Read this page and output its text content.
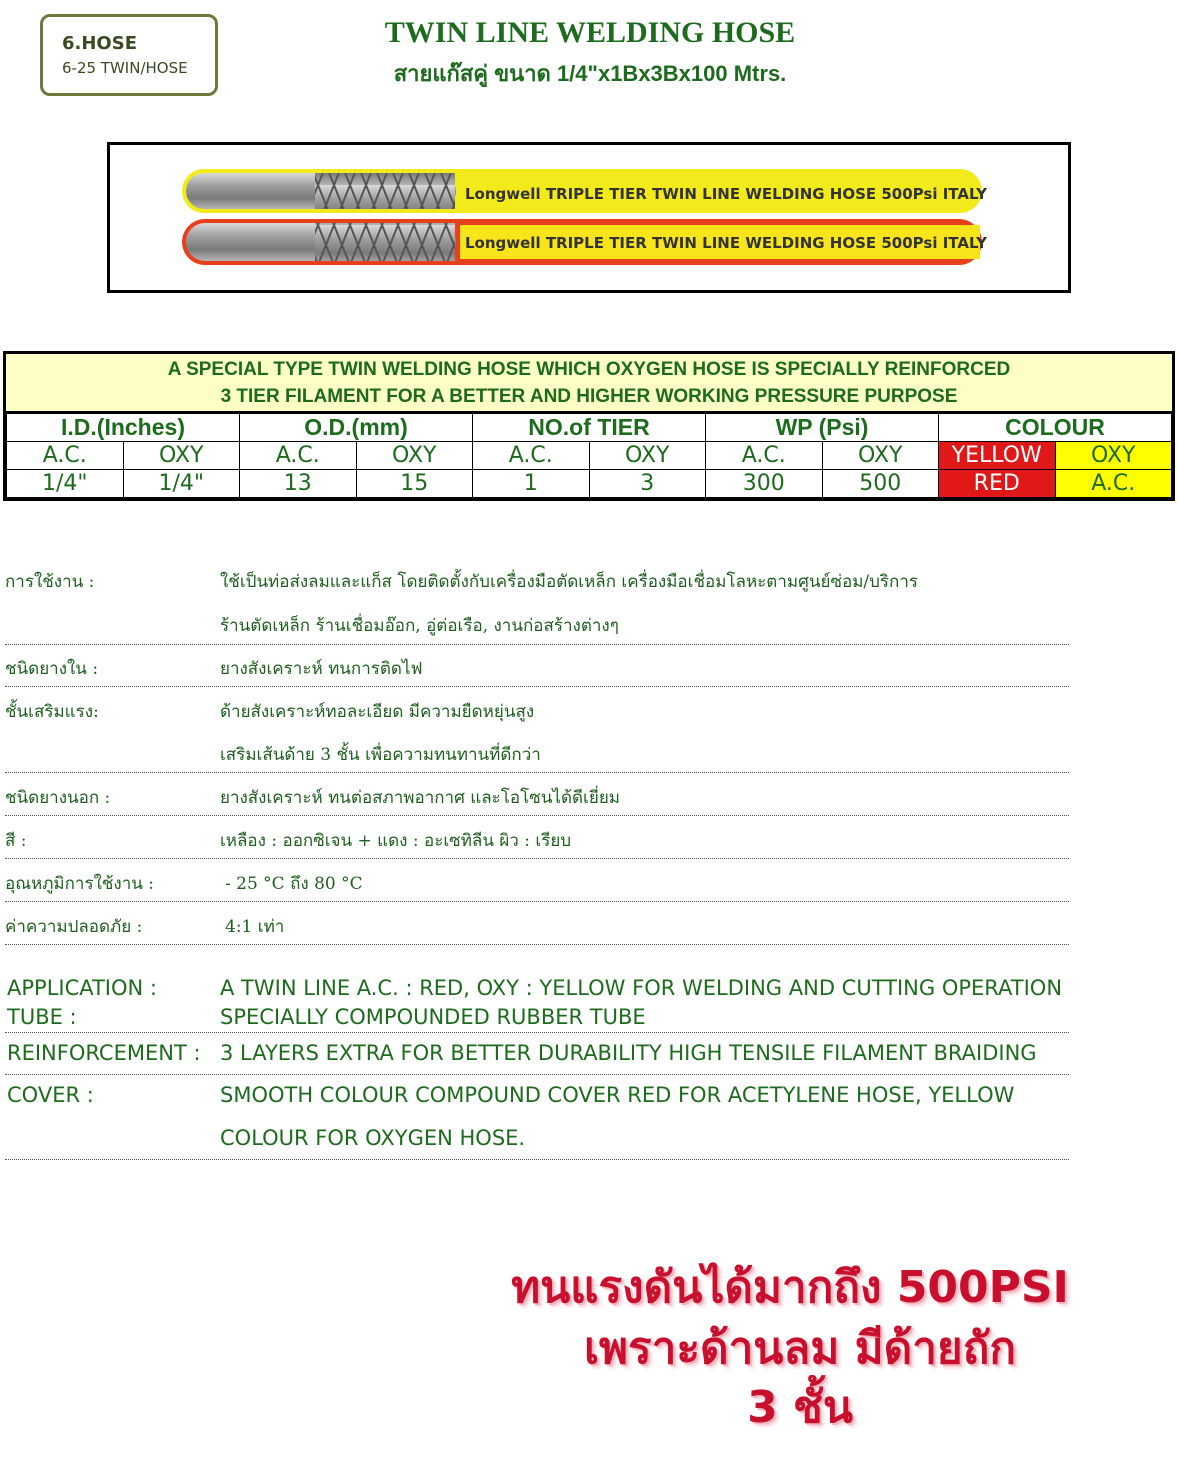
6.HOSE
6-25 TWIN/HOSE
TWIN LINE WELDING HOSE
สายแก๊สคู่ ขนาด 1/4"x1Bx3Bx100 Mtrs.
Longwell TRIPLE TIER TWIN LINE WELDING HOSE 500Psi ITALY
Longwell TRIPLE TIER TWIN LINE WELDING HOSE 500Psi ITALY
A SPECIAL TYPE TWIN WELDING HOSE WHICH OXYGEN HOSE IS SPECIALLY REINFORCED
3 TIER FILAMENT FOR A BETTER AND HIGHER WORKING PRESSURE PURPOSE
I.D.(Inches)		O.D.(mm)		NO.of TIER		WP (Psi)		COLOUR	
A.C.	OXY	A.C.	OXY	A.C.	OXY	A.C.	OXY	YELLOW	OXY
1/4"	1/4"	13	15	1	3	300	500	RED	A.C.
การใช้งาน :	ใช้เป็นท่อส่งลมและแก็ส โดยติดตั้งกับเครื่องมือตัดเหล็ก เครื่องมือเชื่อมโลหะตามศูนย์ซ่อม/บริการ
ร้านตัดเหล็ก ร้านเชื่อมอ๊อก, อู่ต่อเรือ, งานก่อสร้างต่างๆ
ชนิดยางใน :	ยางสังเคราะห์ ทนการติดไฟ
ชั้นเสริมแรง:	ด้ายสังเคราะห์ทอละเอียด มีความยืดหยุ่นสูง
เสริมเส้นด้าย 3 ชั้น เพื่อความทนทานที่ดีกว่า
ชนิดยางนอก :	ยางสังเคราะห์ ทนต่อสภาพอากาศ และโอโซนได้ดีเยี่ยม
สี :	เหลือง : ออกซิเจน + แดง : อะเซทิลีน ผิว : เรียบ
อุณหภูมิการใช้งาน :	- 25 °C ถึง 80 °C
ค่าความปลอดภัย :	4:1 เท่า
APPLICATION :	A TWIN LINE A.C. : RED, OXY : YELLOW FOR WELDING AND CUTTING OPERATION
TUBE :	SPECIALLY COMPOUNDED RUBBER TUBE
REINFORCEMENT : 3 LAYERS EXTRA FOR BETTER DURABILITY HIGH TENSILE FILAMENT BRAIDING
COVER :	SMOOTH COLOUR COMPOUND COVER RED FOR ACETYLENE HOSE, YELLOW
COLOUR FOR OXYGEN HOSE.
ทนแรงดันได้มากถึง 500PSI
เพราะด้านลม มีด้ายถัก
3 ชั้น
